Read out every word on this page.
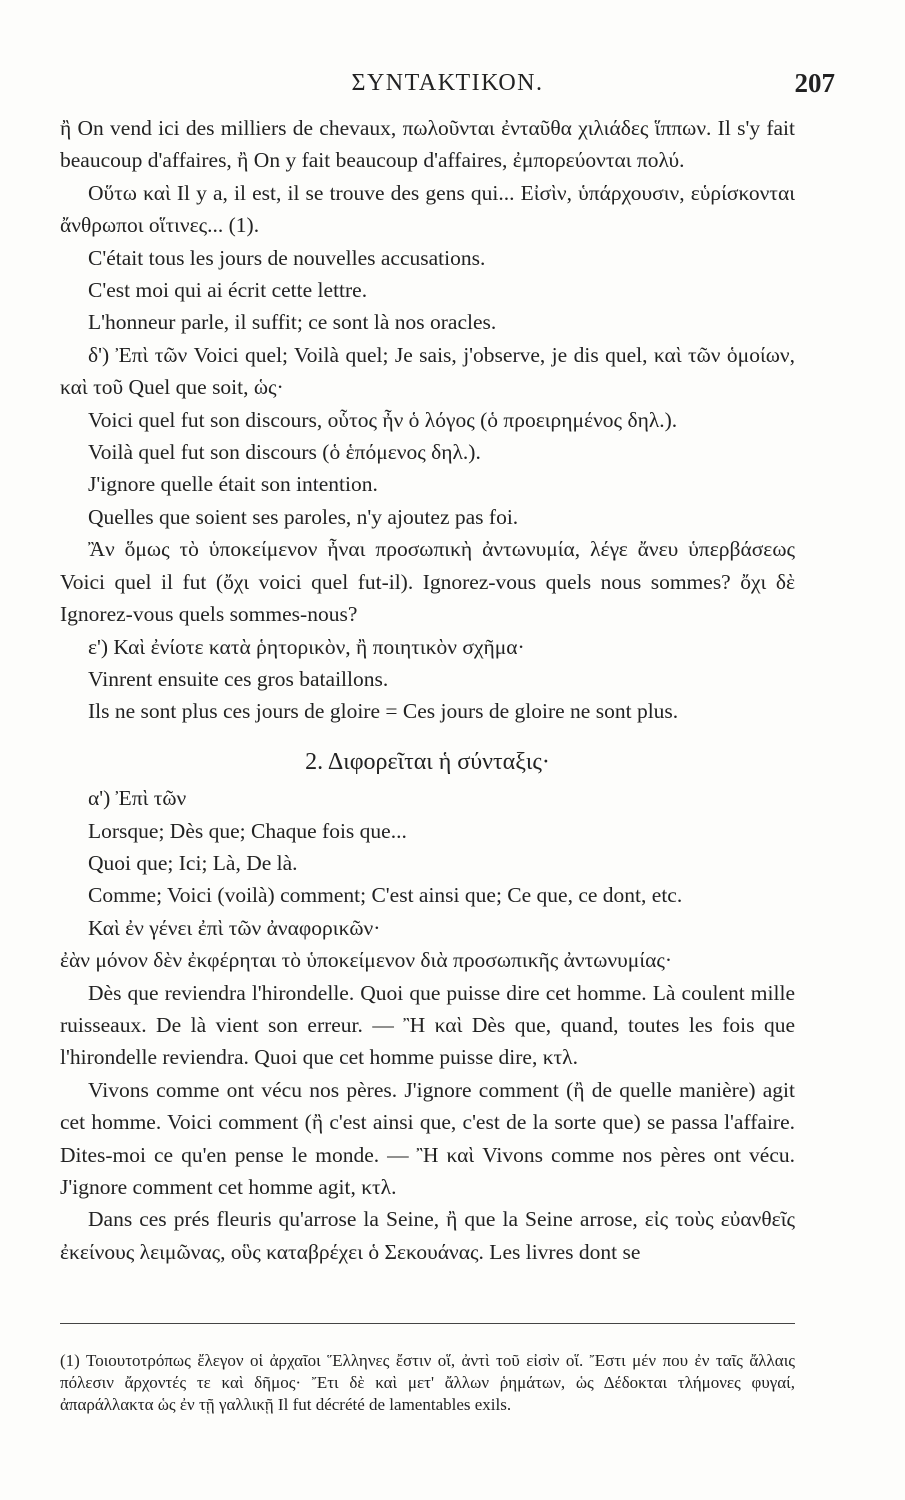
ΣΥΝΤΑΚΤΙΚΟΝ.	207

ἢ On vend ici des milliers de chevaux, πωλοῦνται ἐνταῦθα χιλιάδες ἵππων. Il s'y fait beaucoup d'affaires, ἢ On y fait beaucoup d'affaires, ἐμπορεύονται πολύ.

Οὕτω καὶ Il y a, il est, il se trouve des gens qui... Εἰσὶν, ὑπάρχουσιν, εὑρίσκονται ἄνθρωποι οἵτινες... (1).

C'était tous les jours de nouvelles accusations.

C'est moi qui ai écrit cette lettre.

L'honneur parle, il suffit; ce sont là nos oracles.

δ') Ἐπὶ τῶν Voici quel; Voilà quel; Je sais, j'observe, je dis quel, καὶ τῶν ὁμοίων, καὶ τοῦ Quel que soit, ὡς·

Voici quel fut son discours, οὗτος ἦν ὁ λόγος (ὁ προειρημένος δηλ.).

Voilà quel fut son discours (ὁ ἑπόμενος δηλ.).

J'ignore quelle était son intention.

Quelles que soient ses paroles, n'y ajoutez pas foi.

Ἂν ὅμως τὸ ὑποκείμενον ἦναι προσωπικὴ ἀντωνυμία, λέγε ἄνευ ὑπερβάσεως Voici quel il fut (ὄχι voici quel fut-il). Ignorez-vous quels nous sommes? ὄχι δὲ Ignorez-vous quels sommes-nous?

ε') Καὶ ἐνίοτε κατὰ ῥητορικὸν, ἢ ποιητικὸν σχῆμα·

Vinrent ensuite ces gros bataillons.

Ils ne sont plus ces jours de gloire = Ces jours de gloire ne sont plus.

2. Διφορεῖται ἡ σύνταξις·

α') Ἐπὶ τῶν

Lorsque; Dès que; Chaque fois que...

Quoi que; Ici; Là, De là.

Comme; Voici (voilà) comment; C'est ainsi que; Ce que, ce dont, etc.

Καὶ ἐν γένει ἐπὶ τῶν ἀναφορικῶν·

ἐὰν μόνον δὲν ἐκφέρηται τὸ ὑποκείμενον διὰ προσωπικῆς ἀντωνυμίας·

Dès que reviendra l'hirondelle. Quoi que puisse dire cet homme. Là coulent mille ruisseaux. De là vient son erreur. — Ἢ καὶ Dès que, quand, toutes les fois que l'hirondelle reviendra. Quoi que cet homme puisse dire, κτλ.

Vivons comme ont vécu nos pères. J'ignore comment (ἢ de quelle manière) agit cet homme. Voici comment (ἢ c'est ainsi que, c'est de la sorte que) se passa l'affaire. Dites-moi ce qu'en pense le monde. — Ἢ καὶ Vivons comme nos pères ont vécu. J'ignore comment cet homme agit, κτλ.

Dans ces prés fleuris qu'arrose la Seine, ἢ que la Seine arrose, εἰς τοὺς εὐανθεῖς ἐκείνους λειμῶνας, οὓς καταβρέχει ὁ Σεκουάνας. Les livres dont se

(1) Τοιουτοτρόπως ἔλεγον οἱ ἀρχαῖοι Ἕλληνες ἔστιν οἵ, ἀντὶ τοῦ εἰσὶν οἵ. Ἔστι μέν που ἐν ταῖς ἄλλαις πόλεσιν ἄρχοντές τε καὶ δῆμος· Ἔτι δὲ καὶ μετ' ἄλλων ῥημάτων, ὡς Δέδοκται τλήμονες φυγαί, ἀπαράλλακτα ὡς ἐν τῇ γαλλικῇ Il fut décrété de lamentables exils.
